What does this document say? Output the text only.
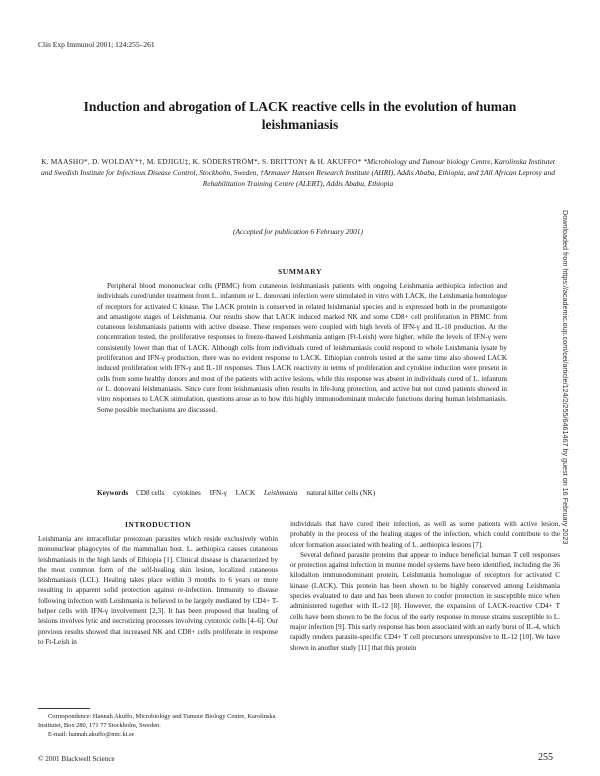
Clin Exp Immunol 2001; 124:255–261
Induction and abrogation of LACK reactive cells in the evolution of human leishmaniasis
K. MAASHO*, D. WOLDAY*†, M. EDJIGU‡, K. SÖDERSTRÖM*, S. BRITTON† & H. AKUFFO* *Microbiology and Tumour biology Centre, Karolinska Institutet and Swedish Institute for Infectious Disease Control, Stockholm, Sweden, †Armauer Hansen Research Institute (AHRI), Addis Ababa, Ethiopia, and ‡All African Leprosy and Rehabilitation Training Centre (ALERT), Addis Ababa, Ethiopia
(Accepted for publication 6 February 2001)	Downloaded from https://academic.oup.com/cei/article/124/2/255/6461467 by guest on 16 February 2023
SUMMARY
Peripheral blood mononuclear cells (PBMC) from cutaneous leishmaniasis patients with ongoing Leishmania aethiopica infection and individuals cured/under treatment from L. infantum or L. donovani infection were stimulated in vitro with LACK, the Leishmania homologue of receptors for activated C kinase. The LACK protein is conserved in related leishmanial species and is expressed both in the promastigote and amastigote stages of Leishmania. Our results show that LACK induced marked NK and some CD8+ cell proliferation in PBMC from cutaneous leishmaniasis patients with active disease. These responses were coupled with high levels of IFN-γ and IL-10 production. At the concentration tested, the proliferative responses to freeze-thawed Leishmania antigen (Ft-Leish) were higher, while the levels of IFN-γ were consistently lower than that of LACK. Although cells from individuals cured of leishmaniasis could respond to whole Leishmania lysate by proliferation and IFN-γ production, there was no evident response to LACK. Ethiopian controls tested at the same time also showed LACK induced proliferation with IFN-γ and IL-10 responses. Thus LACK reactivity in terms of proliferation and cytokine induction were present in cells from some healthy donors and most of the patients with active lesions, while this response was absent in individuals cured of L. infantum or L. donovani leishmaniasis. Since cure from leishmaniasis often results in life-long protection, and active but not cured patients showed in vitro responses to LACK stimulation, questions arose as to how this highly immunodominant molecule functions during human leishmaniasis. Some possible mechanisms are discussed.
Keywords CD8 cells cytokines IFN-γ LACK Leishmania natural killer cells (NK)
INTRODUCTION

Leishmania are intracellular protozoan parasites which reside exclusively within mononuclear phagocytes of the mammalian host. L. aethiopica causes cutaneous leishmaniasis in the high lands of Ethiopia [1]. Clinical disease is characterized by the most common form of the self-healing skin lesion, localized cutaneous leishmaniasis (LCL). Healing takes place within 3 months to 6 years or more resulting in apparent solid protection against re-infection. Immunity to disease following infection with Leishmania is believed to be largely mediated by CD4+ T-helper cells with IFN-γ involvement [2,3]. It has been proposed that healing of lesions involves lytic and necrotizing processes involving cytotoxic cells [4–6]. Our previous results showed that increased NK and CD8+ cells proliferate in response to Ft-Leish in

individuals that have cured their infection, as well as some patients with active lesion, probably in the process of the healing stages of the infection, which could contribute to the ulcer formation associated with healing of L. aethiopica lesions [7].

Several defined parasite proteins that appear to induce beneficial human T cell responses or protection against infection in murine model systems have been identified, including the 36 kilodalton immunodominant protein, Leishmania homologue of receptors for activated C kinase (LACK). This protein has been shown to be highly conserved among Leishmania species evaluated to date and has been shown to confer protection in susceptible mice when administered together with IL-12 [8]. However, the expansion of LACK-reactive CD4+ T cells have been shown to be the focus of the early response in mouse strains susceptible to L. major infection [9]. This early response has been associated with an early burst of IL-4, which rapidly renders parasite-specific CD4+ T cell precursors unresponsive to IL-12 [10]. We have shown in another study [11] that this protein

Correspondence: Hannah Akuffo, Microbiology and Tumour Biology Centre, Karolinska Institutet, Box 280, 171 77 Stockholm, Sweden.
E-mail: hannah.akuffo@mtc.ki.se
© 2001 Blackwell Science	255
